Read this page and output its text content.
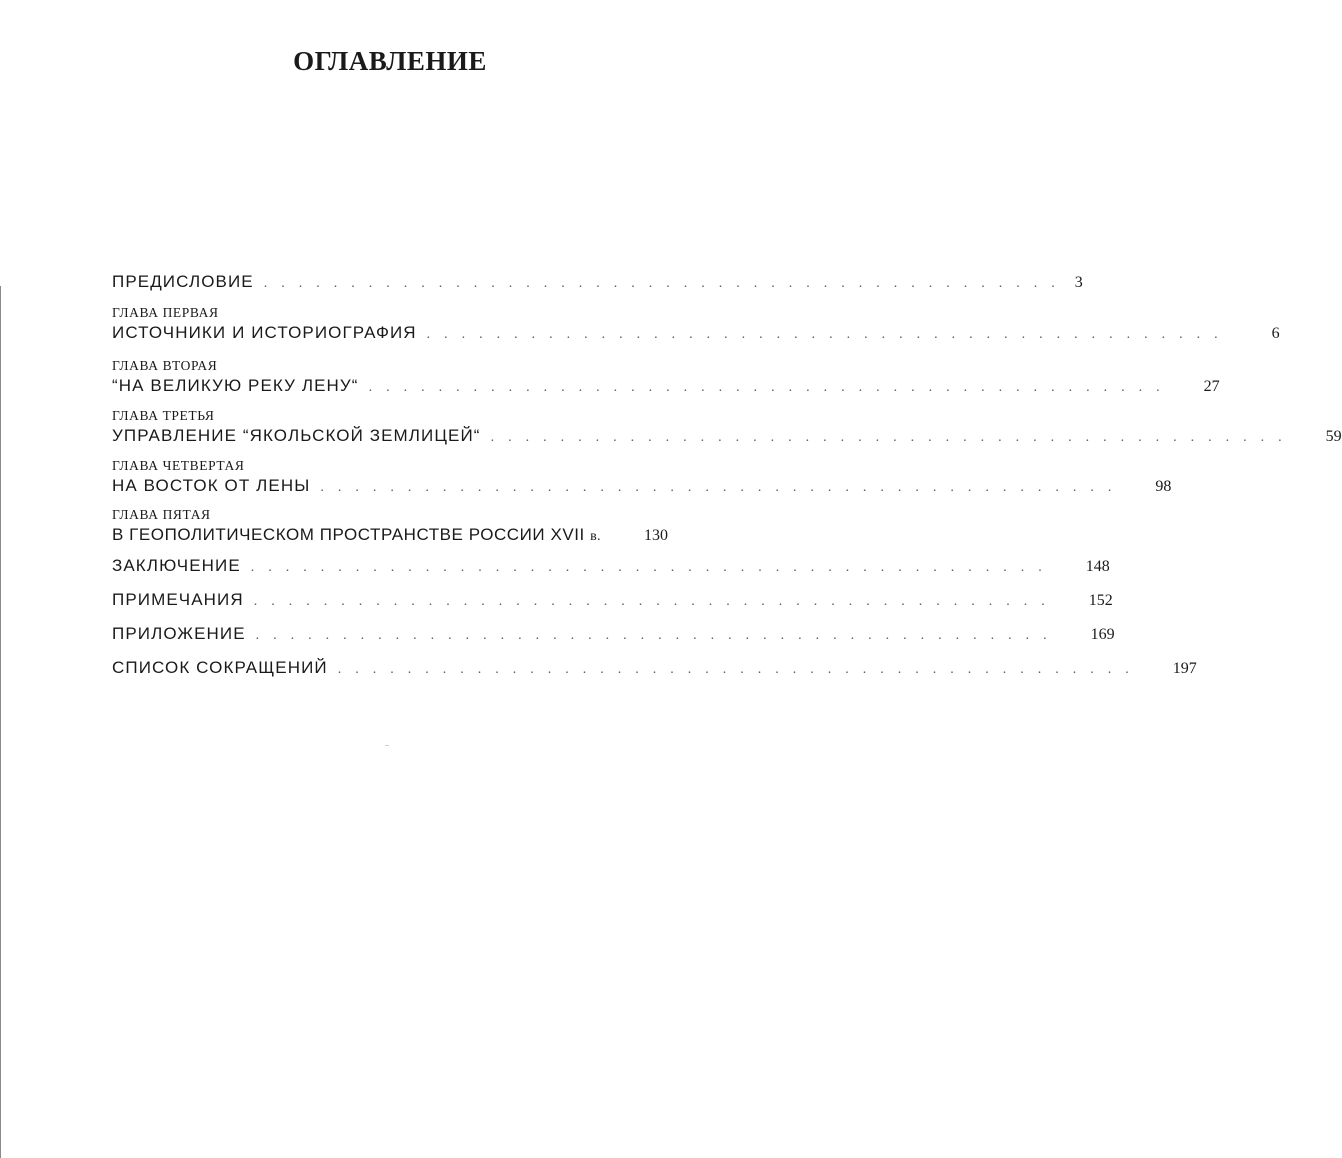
ОГЛАВЛЕНИЕ
ПРЕДИСЛОВИЕ .............................................. 3
ГЛАВА ПЕРВАЯ
ИСТОЧНИКИ И ИСТОРИОГРАФИЯ ..............................................	6
ГЛАВА ВТОРАЯ
“НА ВЕЛИКУЮ РЕКУ ЛЕНУ“ .............................................. 27
ГЛАВА ТРЕТЬЯ
УПРАВЛЕНИЕ “ЯКОЛЬСКОЙ ЗЕМЛИЦЕЙ“ .............................................. 59
ГЛАВА ЧЕТВЕРТАЯ
НА ВОСТОК ОТ ЛЕНЫ .............................................. 98
ГЛАВА ПЯТАЯ
В ГЕОПОЛИТИЧЕСКОМ ПРОСТРАНСТВЕ РОССИИ XVII в.	130
ЗАКЛЮЧЕНИЕ .............................................. 148
ПРИМЕЧАНИЯ .............................................. 152
ПРИЛОЖЕНИЕ .............................................. 169
СПИСОК СОКРАЩЕНИЙ .............................................. 197
